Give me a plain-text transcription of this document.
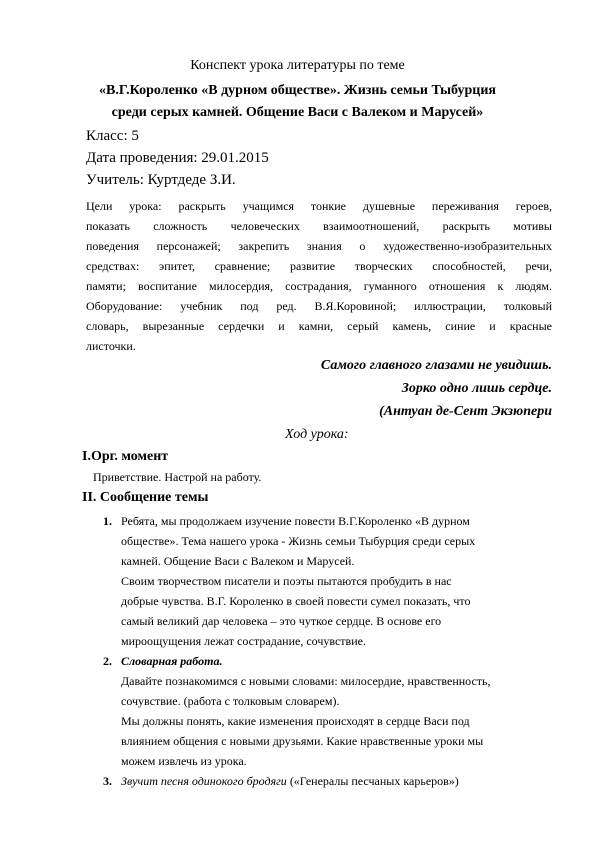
Конспект урока литературы по теме
«В.Г.Короленко «В дурном обществе». Жизнь семьи Тыбурция
среди серых камней. Общение Васи с Валеком и Марусей»
Класс: 5
Дата проведения: 29.01.2015
Учитель: Куртдеде З.И.
Цели урока: раскрыть учащимся тонкие душевные переживания героев,
показать сложность человеческих взаимоотношений, раскрыть мотивы
поведения персонажей; закрепить знания о художественно-изобразительных
средствах: эпитет, сравнение; развитие творческих способностей, речи,
памяти; воспитание милосердия, сострадания, гуманного отношения к людям.
Оборудование: учебник под ред. В.Я.Коровиной; иллюстрации, толковый
словарь, вырезанные сердечки и камни, серый камень, синие и красные
листочки.
Самого главного глазами не увидишь.
Зорко одно лишь сердце.
(Антуан де-Сент Экзюпери
Ход урока:
I.Орг. момент
Приветствие. Настрой на работу.
II. Сообщение темы
1. Ребята, мы продолжаем изучение повести В.Г.Короленко «В дурном
обществе». Тема нашего урока - Жизнь семьи Тыбурция среди серых
камней. Общение Васи с Валеком и Марусей.
Своим творчеством писатели и поэты пытаются пробудить в нас
добрые чувства. В.Г. Короленко в своей повести сумел показать, что
самый великий дар человека – это чуткое сердце. В основе его
мироощущения лежат сострадание, сочувствие.
2. Словарная работа.
Давайте познакомимся с новыми словами: милосердие, нравственность,
сочувствие. (работа с толковым словарем).
Мы должны понять, какие изменения происходят в сердце Васи под
влиянием общения с новыми друзьями. Какие нравственные уроки мы
можем извлечь из урока.
3. Звучит песня одинокого бродяги («Генералы песчаных карьеров»)
